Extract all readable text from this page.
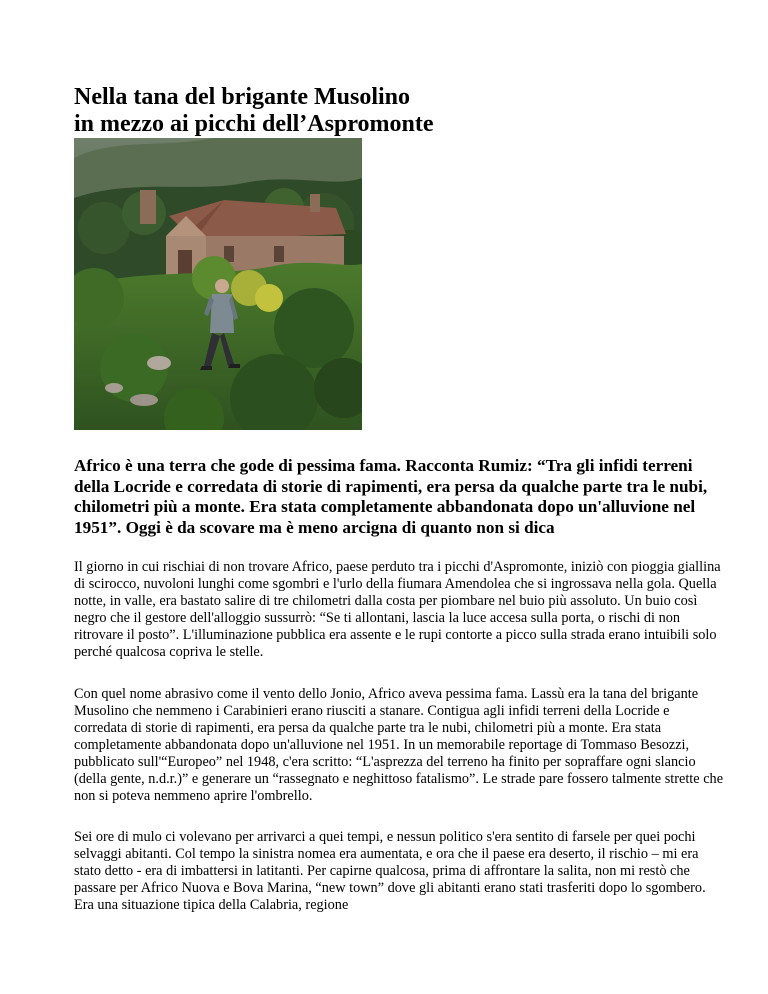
Nella tana del brigante Musolino
in mezzo ai picchi dell’Aspromonte

Africo è una terra che gode di pessima fama. Racconta Rumiz: “Tra gli infidi terreni della Locride e corredata di storie di rapimenti, era persa da qualche parte tra le nubi, chilometri più a monte. Era stata completamente abbandonata dopo un'alluvione nel 1951”. Oggi è da scovare ma è meno arcigna di quanto non si dica

Il giorno in cui rischiai di non trovare Africo, paese perduto tra i picchi d'Aspromonte, iniziò con pioggia giallina di scirocco, nuvoloni lunghi come sgombri e l'urlo della fiumara Amendolea che si ingrossava nella gola. Quella notte, in valle, era bastato salire di tre chilometri dalla costa per piombare nel buio più assoluto. Un buio così negro che il gestore dell'alloggio sussurrò: “Se ti allontani, lascia la luce accesa sulla porta, o rischi di non ritrovare il posto”. L'illuminazione pubblica era assente e le rupi contorte a picco sulla strada erano intuibili solo perché qualcosa copriva le stelle.

Con quel nome abrasivo come il vento dello Jonio, Africo aveva pessima fama. Lassù era la tana del brigante Musolino che nemmeno i Carabinieri erano riusciti a stanare. Contigua agli infidi terreni della Locride e corredata di storie di rapimenti, era persa da qualche parte tra le nubi, chilometri più a monte. Era stata completamente abbandonata dopo un'alluvione nel 1951. In un memorabile reportage di Tommaso Besozzi, pubblicato sull'“Europeo” nel 1948, c'era scritto: “L'asprezza del terreno ha finito per sopraffare ogni slancio (della gente, n.d.r.)” e generare un “rassegnato e neghittoso fatalismo”. Le strade pare fossero talmente strette che non si poteva nemmeno aprire l'ombrello.

Sei ore di mulo ci volevano per arrivarci a quei tempi, e nessun politico s'era sentito di farsele per quei pochi selvaggi abitanti. Col tempo la sinistra nomea era aumentata, e ora che il paese era deserto, il rischio – mi era stato detto - era di imbattersi in latitanti. Per capirne qualcosa, prima di affrontare la salita, non mi restò che passare per Africo Nuova e Bova Marina, “new town” dove gli abitanti erano stati trasferiti dopo lo sgombero. Era una situazione tipica della Calabria, regione
